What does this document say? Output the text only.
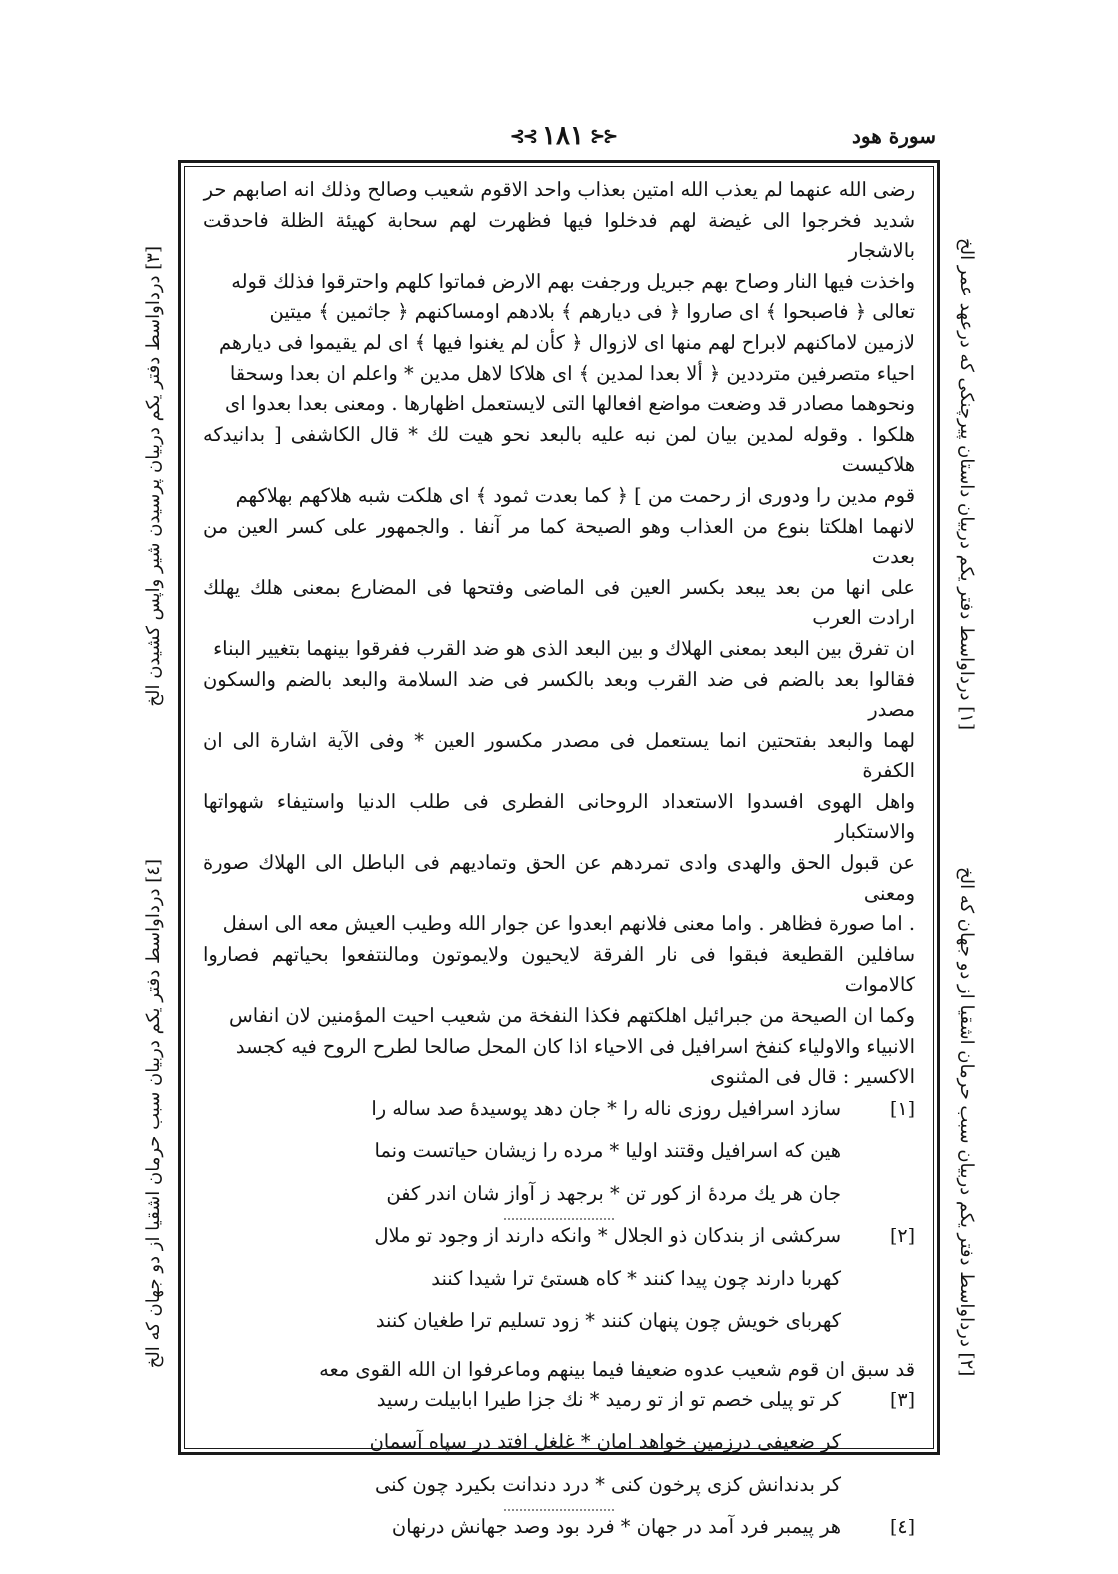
سورة هود
⊰⊰ ١٨١ ⊱⊱

رضى الله عنهما لم يعذب الله امتين بعذاب واحد الاقوم شعيب وصالح وذلك انه اصابهم حر

شديد فخرجوا الى غيضة لهم فدخلوا فيها فظهرت لهم سحابة كهيئة الظلة فاحدقت بالاشجار

واخذت فيها النار وصاح بهم جبريل ورجفت بهم الارض فماتوا كلهم واحترقوا فذلك قوله

تعالى ﴿ فاصبحوا ﴾ اى صاروا ﴿ فى ديارهم ﴾ بلادهم اومساكنهم ﴿ جاثمين ﴾ ميتين

لازمين لاماكنهم لابراح لهم منها اى لازوال ﴿ كأن لم يغنوا فيها ﴾ اى لم يقيموا فى ديارهم

احياء متصرفين مترددين ﴿ ألا بعدا لمدين ﴾ اى هلاكا لاهل مدين * واعلم ان بعدا وسحقا

ونحوهما مصادر قد وضعت مواضع افعالها التى لايستعمل اظهارها . ومعنى بعدا بعدوا اى

هلكوا . وقوله لمدين بيان لمن نبه عليه بالبعد نحو هيت لك * قال الكاشفى [ بدانيدكه هلاكيست

قوم مدين را ودورى از رحمت من ] ﴿ كما بعدت ثمود ﴾ اى هلكت شبه هلاكهم بهلاكهم

لانهما اهلكتا بنوع من العذاب وهو الصيحة كما مر آنفا . والجمهور على كسر العين من بعدت

على انها من بعد يبعد بكسر العين فى الماضى وفتحها فى المضارع بمعنى هلك يهلك ارادت العرب

ان تفرق بين البعد بمعنى الهلاك و بين البعد الذى هو ضد القرب ففرقوا بينهما بتغيير البناء

فقالوا بعد بالضم فى ضد القرب وبعد بالكسر فى ضد السلامة والبعد بالضم والسكون مصدر

لهما والبعد بفتحتين انما يستعمل فى مصدر مكسور العين * وفى الآية اشارة الى ان الكفرة

واهل الهوى افسدوا الاستعداد الروحانى الفطرى فى طلب الدنيا واستيفاء شهواتها والاستكبار

عن قبول الحق والهدى وادى تمردهم عن الحق وتماديهم فى الباطل الى الهلاك صورة ومعنى

. اما صورة فظاهر . واما معنى فلانهم ابعدوا عن جوار الله وطيب العيش معه الى اسفل

سافلين القطيعة فبقوا فى نار الفرقة لايحيون ولايموتون ومالنتفعوا بحياتهم فصاروا كالاموات

وكما ان الصيحة من جبرائيل اهلكتهم فكذا النفخة من شعيب احيت المؤمنين لان انفاس

الانبياء والاولياء كنفخ اسرافيل فى الاحياء اذا كان المحل صالحا لطرح الروح فيه كجسد

الاكسير : قال فى المثنوى

[١]
سازد اسرافيل روزى ناله را * جان دهد پوسيدهٔ صد ساله را
هين كه اسرافيل وقتند اوليا * مرده را زيشان حياتست ونما
جان هر يك مردهٔ از كور تن * برجهد ز آواز شان اندر كفن
[٢]
سركشى از بندكان ذو الجلال * وانكه دارند از وجود تو ملال
كهربا دارند چون پيدا كنند * كاه هستئ ترا شيدا كنند
كهرباى خويش چون پنهان كنند * زود تسليم ترا طغيان كنند

قد سبق ان قوم شعيب عدوه ضعيفا فيما بينهم وماعرفوا ان الله القوى معه

[٣]
كر تو پيلى خصم تو از تو رميد * نك جزا طيرا ابابيلت رسيد
كر ضعيفى درزمين خواهد امان * غلغل افتد در سپاه آسمان
كر بدندانش كزى پرخون كنى * درد دندانت بكيرد چون كنى
[٤]
هر پيمبر فرد آمد در جهان * فرد بود وصد جهانش درنهان
[١] درداواسط دفتر يكم دربيان داستان پيرچنكى كه درعهد عمر الخ
[٢] درداواسط دفتر يكم دربيان سبب حرمان اشقيا از دو جهان كه الخ
[٣] درداواسط دفتر يكم دربيان پرسيدن شير واپس كشيدن الخ
[٤] درداواسط دفتر يكم دربيان سبب حرمان اشقيا از دو جهان كه الخ
